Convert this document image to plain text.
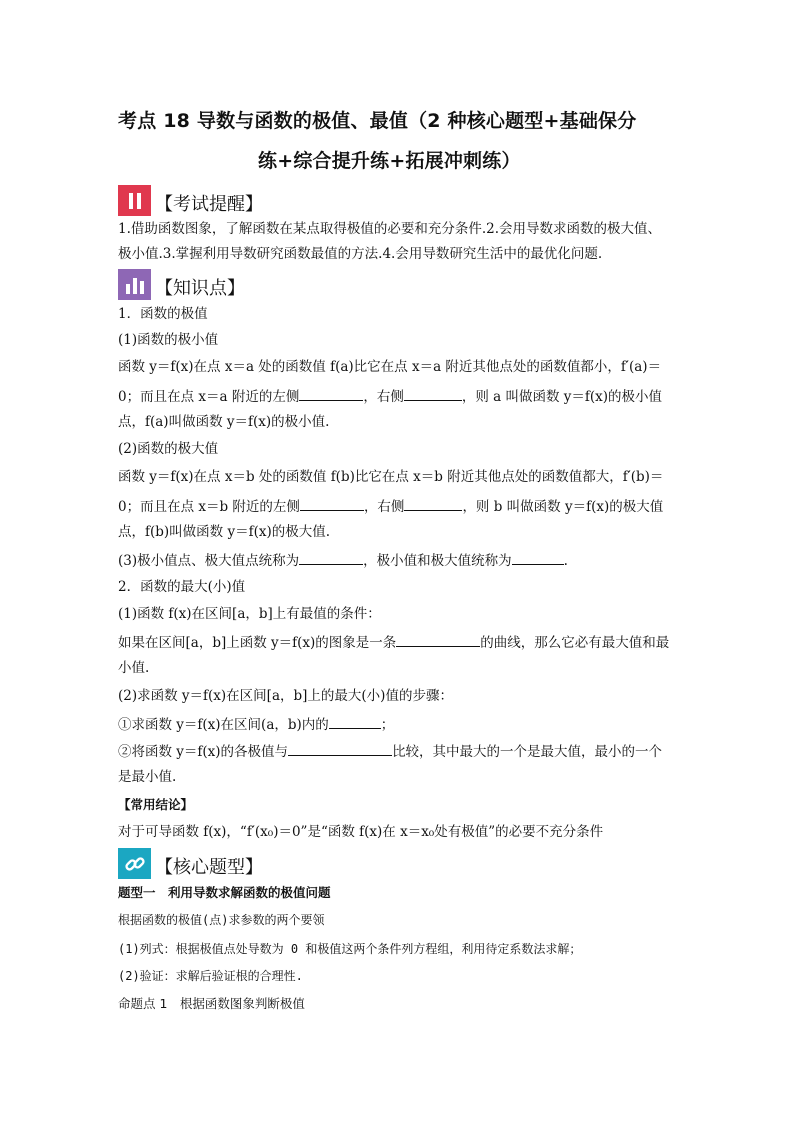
考点 18 导数与函数的极值、最值（2 种核心题型+基础保分
练+综合提升练+拓展冲刺练）
【考试提醒】
1.借助函数图象，了解函数在某点取得极值的必要和充分条件.2.会用导数求函数的极大值、
极小值.3.掌握利用导数研究函数最值的方法.4.会用导数研究生活中的最优化问题.
【知识点】
1．函数的极值
(1)函数的极小值
函数 y＝f(x)在点 x＝a 处的函数值 f(a)比它在点 x＝a 附近其他点处的函数值都小，f′(a)＝
0；而且在点 x＝a 附近的左侧	，右侧	，则 a 叫做函数 y＝f(x)的极小值
点，f(a)叫做函数 y＝f(x)的极小值.
(2)函数的极大值
函数 y＝f(x)在点 x＝b 处的函数值 f(b)比它在点 x＝b 附近其他点处的函数值都大，f′(b)＝
0；而且在点 x＝b 附近的左侧	，右侧	，则 b 叫做函数 y＝f(x)的极大值
点，f(b)叫做函数 y＝f(x)的极大值.
(3)极小值点、极大值点统称为	，极小值和极大值统称为	.
2．函数的最大(小)值
(1)函数 f(x)在区间[a，b]上有最值的条件：
如果在区间[a，b]上函数 y＝f(x)的图象是一条	的曲线，那么它必有最大值和最
小值.
(2)求函数 y＝f(x)在区间[a，b]上的最大(小)值的步骤：
①求函数 y＝f(x)在区间(a，b)内的	；
②将函数 y＝f(x)的各极值与	比较，其中最大的一个是最大值，最小的一个
是最小值.
【常用结论】
对于可导函数 f(x)，“f′(x₀)＝0”是“函数 f(x)在 x＝x₀处有极值”的必要不充分条件
【核心题型】
题型一　利用导数求解函数的极值问题
根据函数的极值(点)求参数的两个要领
(1)列式：根据极值点处导数为 0 和极值这两个条件列方程组，利用待定系数法求解；
(2)验证：求解后验证根的合理性.
命题点 1　根据函数图象判断极值
